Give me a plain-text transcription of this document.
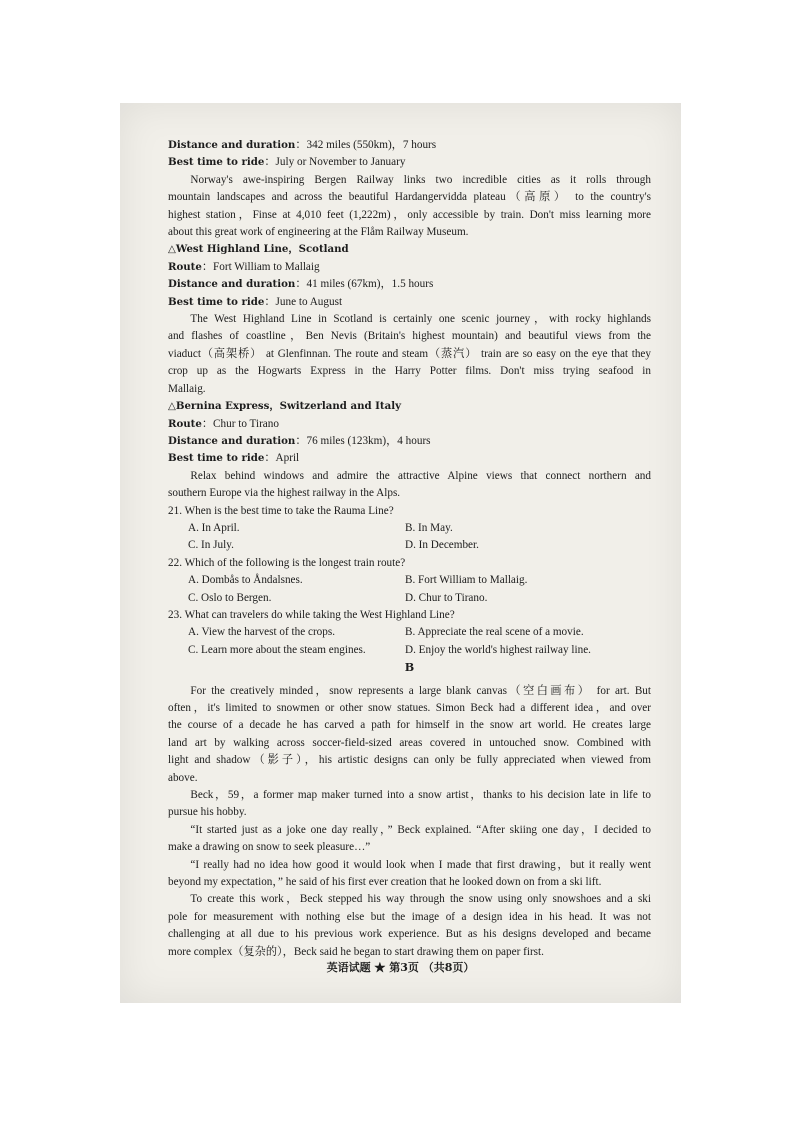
Distance and duration：342 miles (550km)，7 hours
Best time to ride：July or November to January
Norway's awe-inspiring Bergen Railway links two incredible cities as it rolls through
mountain landscapes and across the beautiful Hardangervidda plateau（高原） to the country's
highest station，Finse at 4,010 feet (1,222m)，only accessible by train. Don't miss learning more
about this great work of engineering at the Flåm Railway Museum.
△West Highland Line，Scotland
Route：Fort William to Mallaig
Distance and duration：41 miles (67km)，1.5 hours
Best time to ride：June to August
The West Highland Line in Scotland is certainly one scenic journey，with rocky highlands
and flashes of coastline，Ben Nevis (Britain's highest mountain) and beautiful views from the
viaduct（高架桥） at Glenfinnan. The route and steam（蒸汽） train are so easy on the eye that they
crop up as the Hogwarts Express in the Harry Potter films. Don't miss trying seafood in
Mallaig.
△Bernina Express，Switzerland and Italy
Route：Chur to Tirano
Distance and duration：76 miles (123km)，4 hours
Best time to ride：April
Relax behind windows and admire the attractive Alpine views that connect northern and
southern Europe via the highest railway in the Alps.
21. When is the best time to take the Rauma Line?
A. In April.	B. In May.
C. In July.	D. In December.
22. Which of the following is the longest train route?
A. Dombås to Åndalsnes.	B. Fort William to Mallaig.
C. Oslo to Bergen.	D. Chur to Tirano.
23. What can travelers do while taking the West Highland Line?
A. View the harvest of the crops.	B. Appreciate the real scene of a movie.
C. Learn more about the steam engines.	D. Enjoy the world's highest railway line.
B
For the creatively minded，snow represents a large blank canvas（空白画布） for art. But
often，it's limited to snowmen or other snow statues. Simon Beck had a different idea，and over
the course of a decade he has carved a path for himself in the snow art world. He creates large
land art by walking across soccer-field-sized areas covered in untouched snow. Combined with
light and shadow（影子），his artistic designs can only be fully appreciated when viewed from
above.
Beck，59，a former map maker turned into a snow artist，thanks to his decision late in life to
pursue his hobby.
“It started just as a joke one day really，” Beck explained. “After skiing one day，I decided to
make a drawing on snow to seek pleasure…”
“I really had no idea how good it would look when I made that first drawing，but it really went
beyond my expectation，” he said of his first ever creation that he looked down on from a ski lift.
To create this work，Beck stepped his way through the snow using only snowshoes and a ski
pole for measurement with nothing else but the image of a design idea in his head. It was not
challenging at all due to his previous work experience. But as his designs developed and became
more complex（复杂的），Beck said he began to start drawing them on paper first.
英语试题 ★ 第3页 （共8页）
